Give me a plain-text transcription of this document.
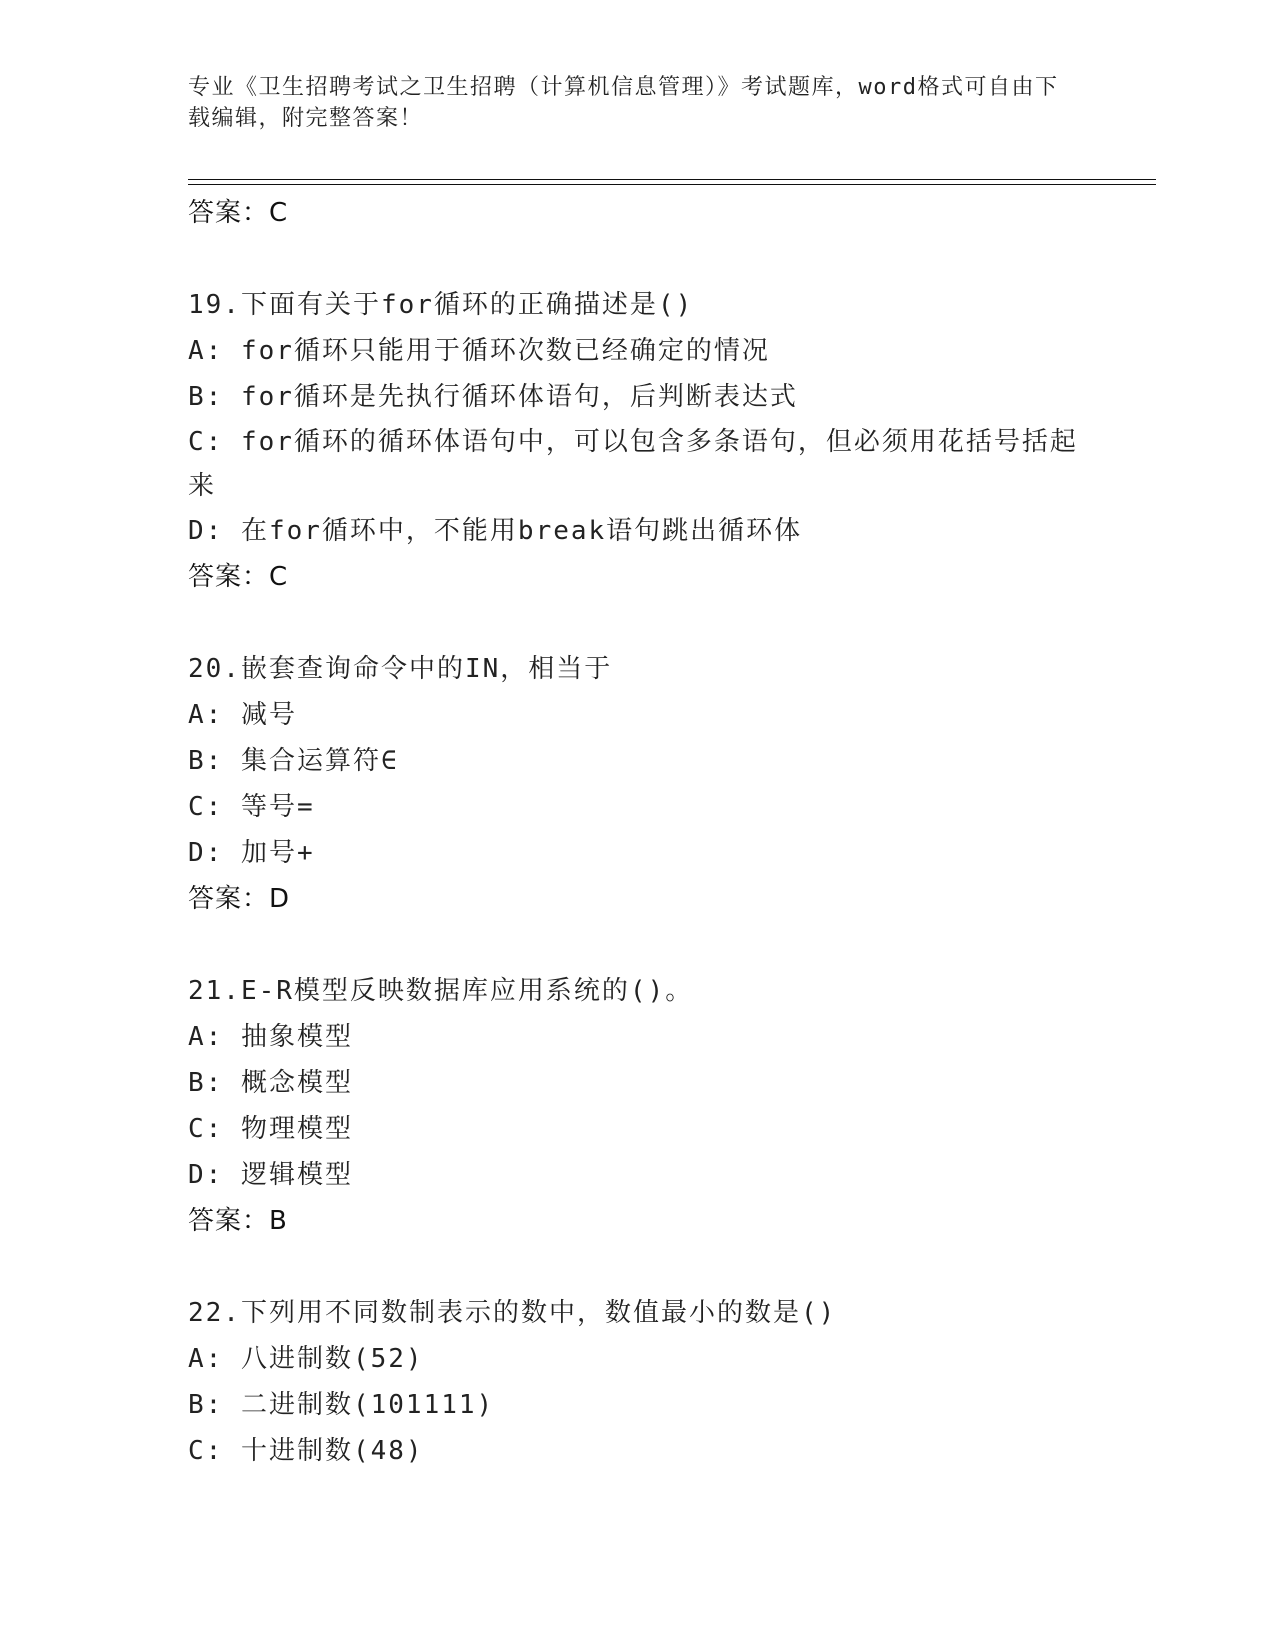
专业《卫生招聘考试之卫生招聘（计算机信息管理）》考试题库，word格式可自由下载编辑，附完整答案！
答案：C
19.下面有关于for循环的正确描述是()
A: for循环只能用于循环次数已经确定的情况
B: for循环是先执行循环体语句，后判断表达式
C: for循环的循环体语句中，可以包含多条语句，但必须用花括号括起来
D: 在for循环中，不能用break语句跳出循环体
答案：C
20.嵌套查询命令中的IN，相当于
A: 减号
B: 集合运算符∈
C: 等号=
D: 加号+
答案：D
21.E-R模型反映数据库应用系统的()。
A: 抽象模型
B: 概念模型
C: 物理模型
D: 逻辑模型
答案：B
22.下列用不同数制表示的数中，数值最小的数是()
A: 八进制数(52)
B: 二进制数(101111)
C: 十进制数(48)
